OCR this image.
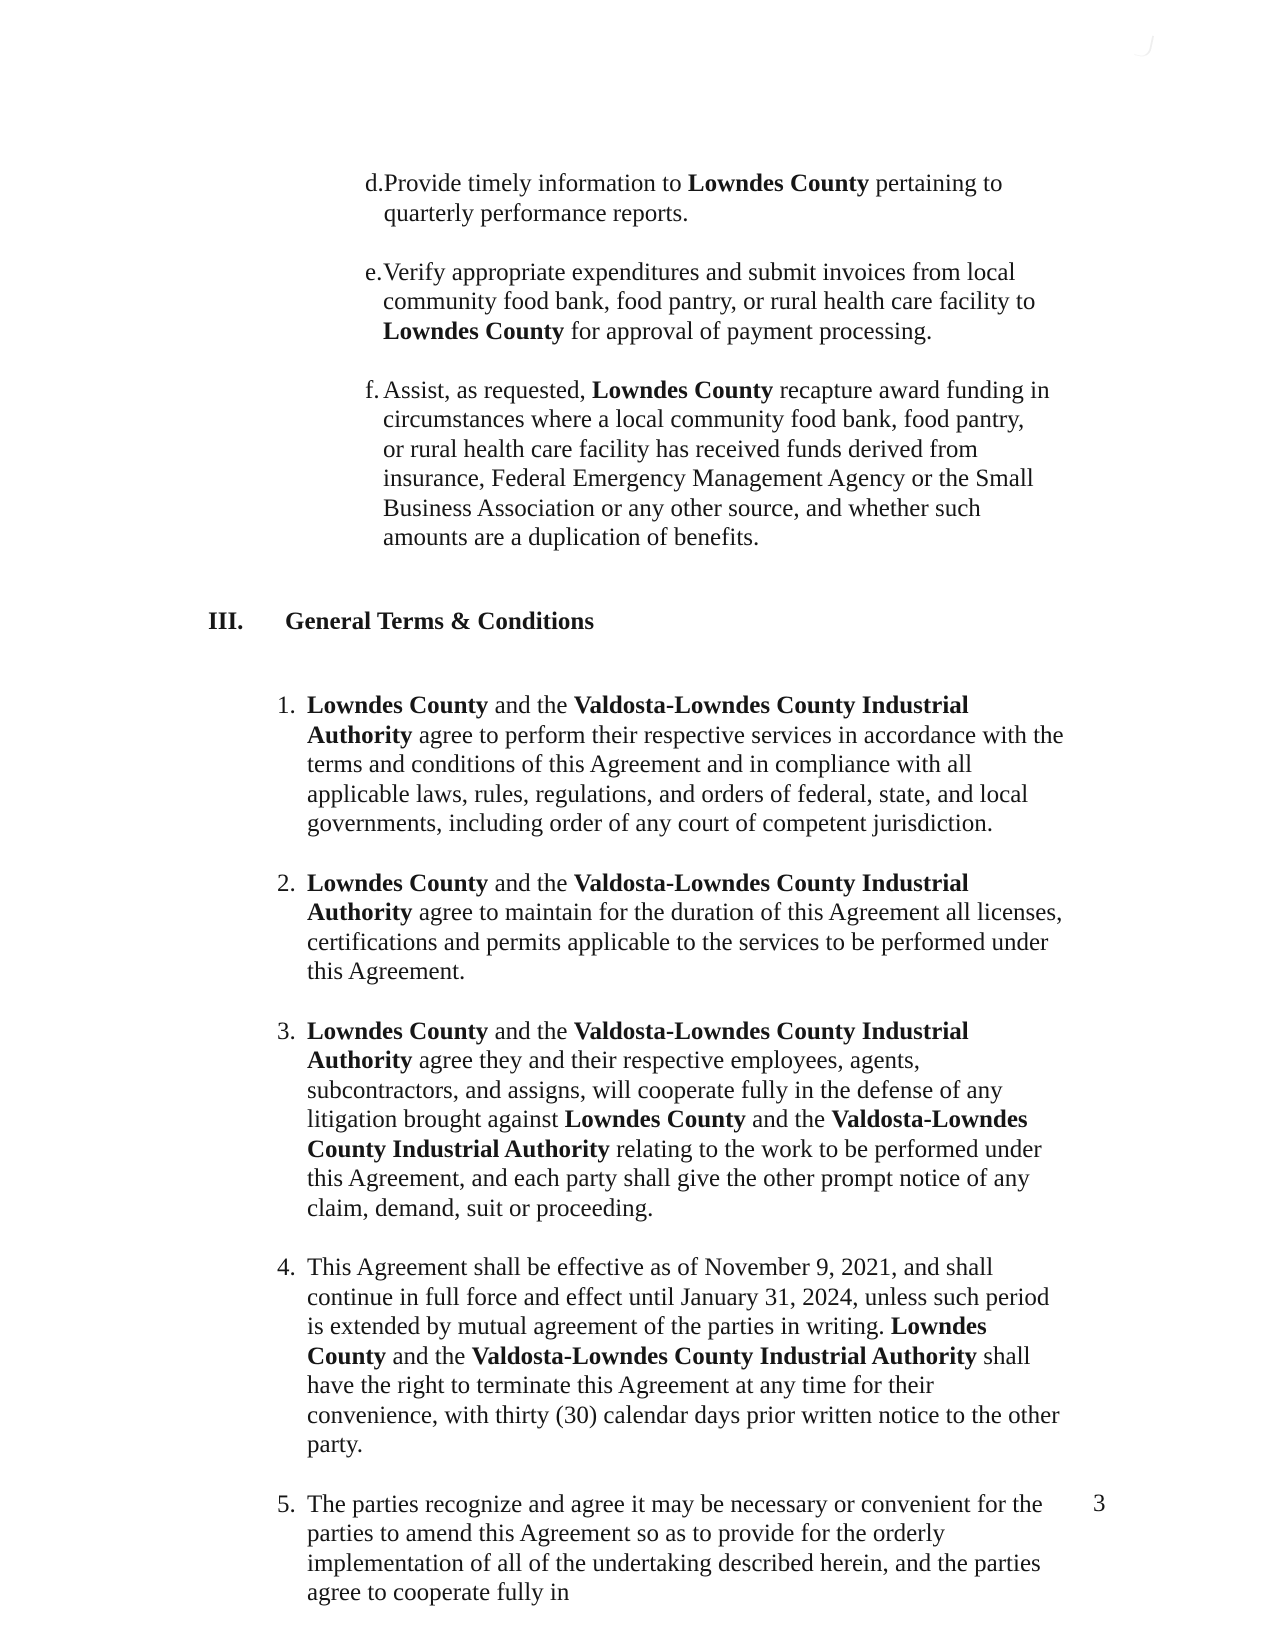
d. Provide timely information to Lowndes County pertaining to quarterly performance reports.
e. Verify appropriate expenditures and submit invoices from local community food bank, food pantry, or rural health care facility to Lowndes County for approval of payment processing.
f. Assist, as requested, Lowndes County recapture award funding in circumstances where a local community food bank, food pantry, or rural health care facility has received funds derived from insurance, Federal Emergency Management Agency or the Small Business Association or any other source, and whether such amounts are a duplication of benefits.
III.	General Terms & Conditions
1. Lowndes County and the Valdosta-Lowndes County Industrial Authority agree to perform their respective services in accordance with the terms and conditions of this Agreement and in compliance with all applicable laws, rules, regulations, and orders of federal, state, and local governments, including order of any court of competent jurisdiction.
2. Lowndes County and the Valdosta-Lowndes County Industrial Authority agree to maintain for the duration of this Agreement all licenses, certifications and permits applicable to the services to be performed under this Agreement.
3. Lowndes County and the Valdosta-Lowndes County Industrial Authority agree they and their respective employees, agents, subcontractors, and assigns, will cooperate fully in the defense of any litigation brought against Lowndes County and the Valdosta-Lowndes County Industrial Authority relating to the work to be performed under this Agreement, and each party shall give the other prompt notice of any claim, demand, suit or proceeding.
4. This Agreement shall be effective as of November 9, 2021, and shall continue in full force and effect until January 31, 2024, unless such period is extended by mutual agreement of the parties in writing. Lowndes County and the Valdosta-Lowndes County Industrial Authority shall have the right to terminate this Agreement at any time for their convenience, with thirty (30) calendar days prior written notice to the other party.
5. The parties recognize and agree it may be necessary or convenient for the parties to amend this Agreement so as to provide for the orderly implementation of all of the undertaking described herein, and the parties agree to cooperate fully in
3
